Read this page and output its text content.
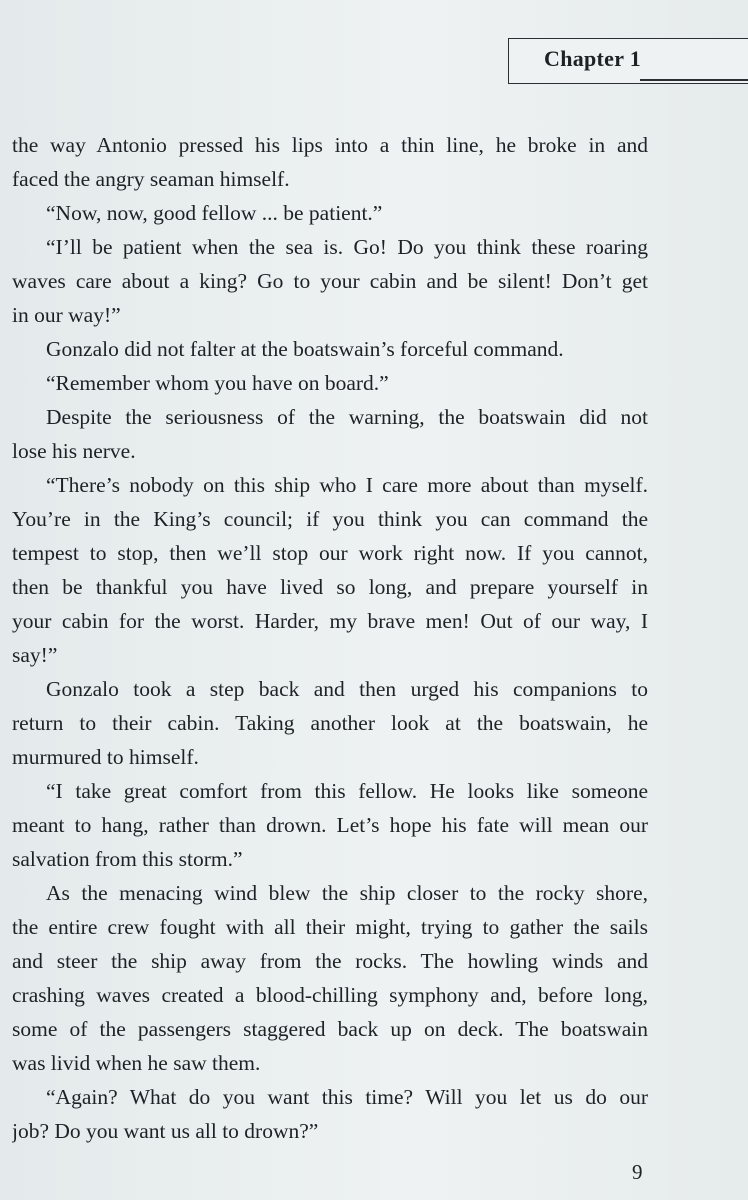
Chapter 1
the way Antonio pressed his lips into a thin line, he broke in and
faced the angry seaman himself.
“Now, now, good fellow ... be patient.”
“I’ll be patient when the sea is. Go! Do you think these roaring
waves care about a king? Go to your cabin and be silent! Don’t get
in our way!”
Gonzalo did not falter at the boatswain’s forceful command.
“Remember whom you have on board.”
Despite the seriousness of the warning, the boatswain did not
lose his nerve.
“There’s nobody on this ship who I care more about than myself.
You’re in the King’s council; if you think you can command the
tempest to stop, then we’ll stop our work right now. If you cannot,
then be thankful you have lived so long, and prepare yourself in
your cabin for the worst. Harder, my brave men! Out of our way, I
say!”
Gonzalo took a step back and then urged his companions to
return to their cabin. Taking another look at the boatswain, he
murmured to himself.
“I take great comfort from this fellow. He looks like someone
meant to hang, rather than drown. Let’s hope his fate will mean our
salvation from this storm.”
As the menacing wind blew the ship closer to the rocky shore,
the entire crew fought with all their might, trying to gather the sails
and steer the ship away from the rocks. The howling winds and
crashing waves created a blood-chilling symphony and, before long,
some of the passengers staggered back up on deck. The boatswain
was livid when he saw them.
“Again? What do you want this time? Will you let us do our
job? Do you want us all to drown?”
9
